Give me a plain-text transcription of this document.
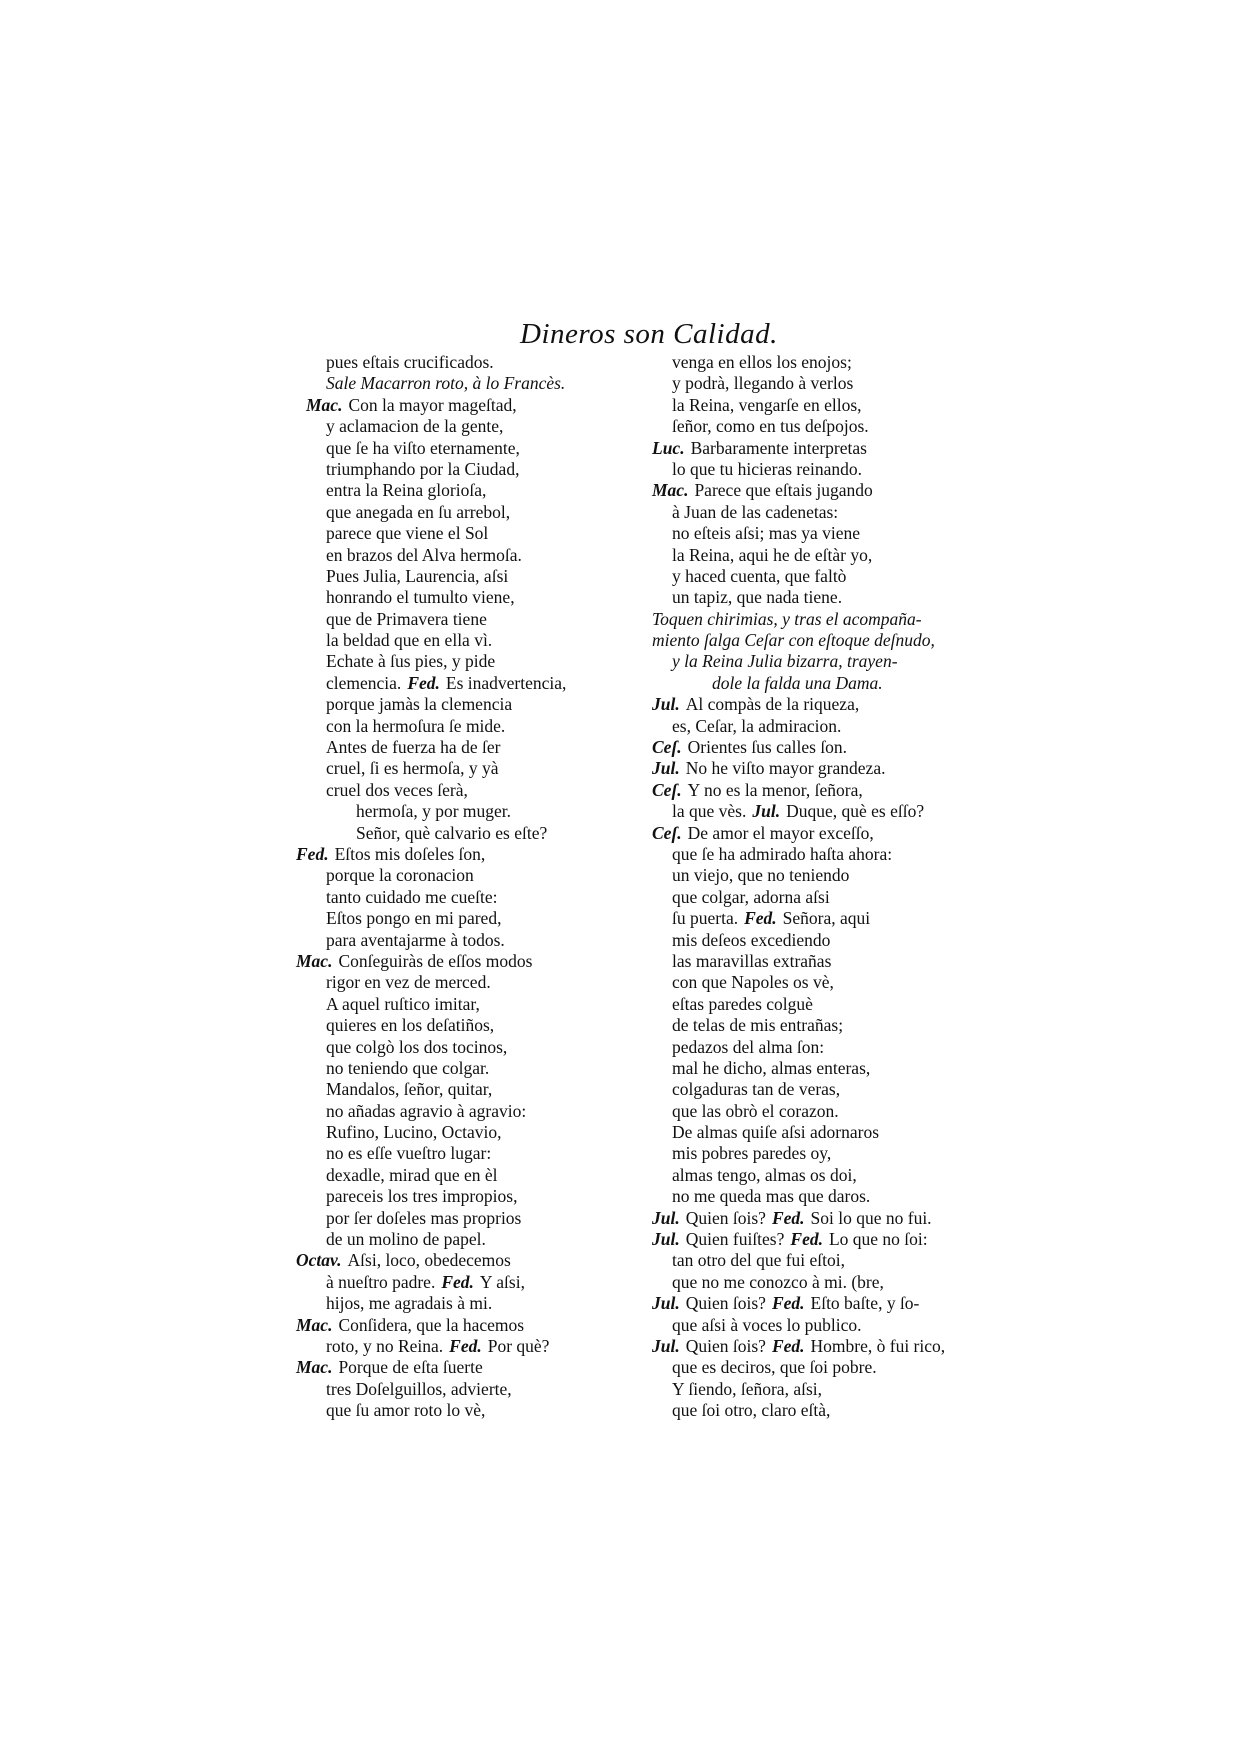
Dineros son Calidad.
pues eſtais crucificados.
Sale Macarron roto, à lo Francès.
Mac. Con la mayor mageſtad,
y aclamacion de la gente,
que ſe ha viſto eternamente,
triumphando por la Ciudad,
entra la Reina glorioſa,
que anegada en ſu arrebol,
parece que viene el Sol
en brazos del Alva hermoſa.
Pues Julia, Laurencia, aſsi
honrando el tumulto viene,
que de Primavera tiene
la beldad que en ella vì.
Echate à ſus pies, y pide
clemencia. Fed. Es inadvertencia,
porque jamàs la clemencia
con la hermoſura ſe mide.
Antes de fuerza ha de ſer
cruel, ſi es hermoſa, y yà
cruel dos veces ſerà,
hermoſa, y por muger.
Señor, què calvario es eſte?
Fed. Eſtos mis doſeles ſon,
porque la coronacion
tanto cuidado me cueſte:
Eſtos pongo en mi pared,
para aventajarme à todos.
Mac. Conſeguiràs de eſſos modos
rigor en vez de merced.
A aquel ruſtico imitar,
quieres en los deſatiños,
que colgò los dos tocinos,
no teniendo que colgar.
Mandalos, ſeñor, quitar,
no añadas agravio à agravio:
Rufino, Lucino, Octavio,
no es eſſe vueſtro lugar:
dexadle, mirad que en èl
pareceis los tres impropios,
por ſer doſeles mas proprios
de un molino de papel.
Octav. Aſsi, loco, obedecemos
à nueſtro padre. Fed. Y aſsi,
hijos, me agradais à mi.
Mac. Conſidera, que la hacemos
roto, y no Reina. Fed. Por què?
Mac. Porque de eſta ſuerte
tres Doſelguillos, advierte,
que ſu amor roto lo vè,
venga en ellos los enojos;
y podrà, llegando à verlos
la Reina, vengarſe en ellos,
ſeñor, como en tus deſpojos.
Luc. Barbaramente interpretas
lo que tu hicieras reinando.
Mac. Parece que eſtais jugando
à Juan de las cadenetas:
no eſteis aſsi; mas ya viene
la Reina, aqui he de eſtàr yo,
y haced cuenta, que faltò
un tapiz, que nada tiene.
Toquen chirimias, y tras el acompaña-
miento ſalga Ceſar con eſtoque deſnudo,
y la Reina Julia bizarra, trayen-
dole la falda una Dama.
Jul. Al compàs de la riqueza,
es, Ceſar, la admiracion.
Ceſ. Orientes ſus calles ſon.
Jul. No he viſto mayor grandeza.
Ceſ. Y no es la menor, ſeñora,
la que vès. Jul. Duque, què es eſſo?
Ceſ. De amor el mayor exceſſo,
que ſe ha admirado haſta ahora:
un viejo, que no teniendo
que colgar, adorna aſsi
ſu puerta. Fed. Señora, aqui
mis deſeos excediendo
las maravillas extrañas
con que Napoles os vè,
eſtas paredes colguè
de telas de mis entrañas;
pedazos del alma ſon:
mal he dicho, almas enteras,
colgaduras tan de veras,
que las obrò el corazon.
De almas quiſe aſsi adornaros
mis pobres paredes oy,
almas tengo, almas os doi,
no me queda mas que daros.
Jul. Quien ſois? Fed. Soi lo que no fui.
Jul. Quien fuiſtes? Fed. Lo que no ſoi:
tan otro del que fui eſtoi,
que no me conozco à mi. (bre,
Jul. Quien ſois? Fed. Eſto baſte, y ſo-
que aſsi à voces lo publico.
Jul. Quien ſois? Fed. Hombre, ò fui rico,
que es deciros, que ſoi pobre.
Y ſiendo, ſeñora, aſsi,
que ſoi otro, claro eſtà,
